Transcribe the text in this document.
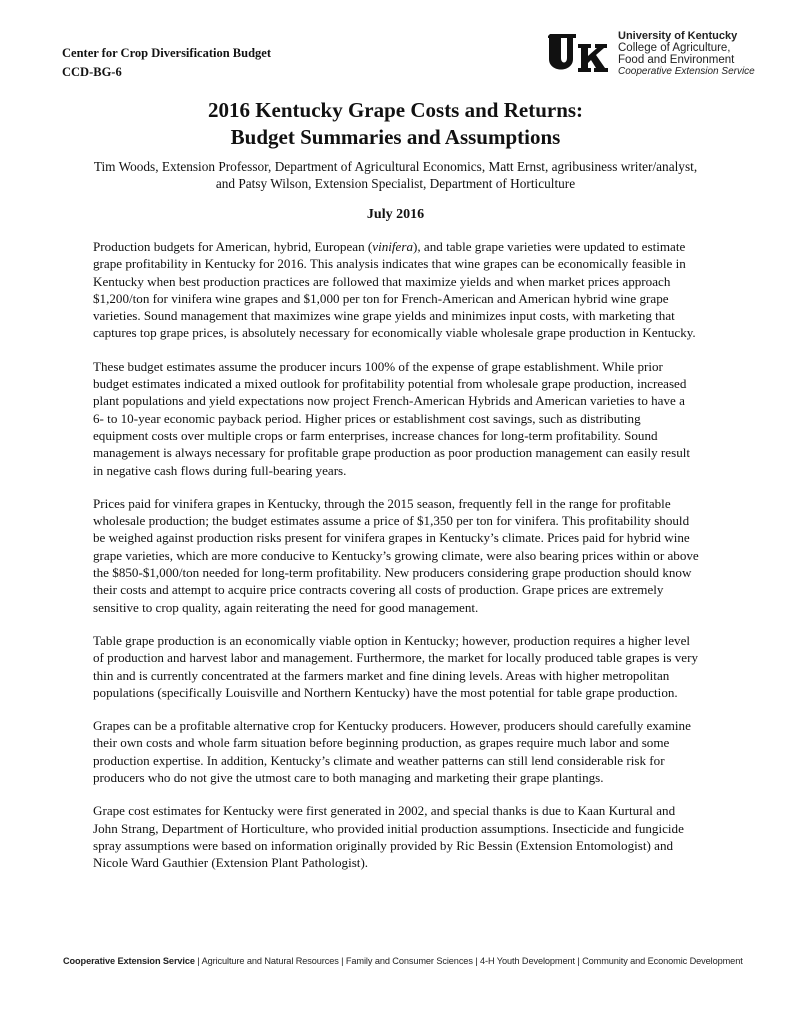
Center for Crop Diversification Budget
CCD-BG-6
University of Kentucky
College of Agriculture,
Food and Environment
Cooperative Extension Service
2016 Kentucky Grape Costs and Returns:
Budget Summaries and Assumptions
Tim Woods, Extension Professor, Department of Agricultural Economics, Matt Ernst, agribusiness writer/analyst, and Patsy Wilson, Extension Specialist, Department of Horticulture
July 2016

Production budgets for American, hybrid, European (vinifera), and table grape varieties were updated to estimate grape profitability in Kentucky for 2016. This analysis indicates that wine grapes can be economically feasible in Kentucky when best production practices are followed that maximize yields and when market prices approach $1,200/ton for vinifera wine grapes and $1,000 per ton for French-American and American hybrid wine grape varieties. Sound management that maximizes wine grape yields and minimizes input costs, with marketing that captures top grape prices, is absolutely necessary for economically viable wholesale grape production in Kentucky.

These budget estimates assume the producer incurs 100% of the expense of grape establishment. While prior budget estimates indicated a mixed outlook for profitability potential from wholesale grape production, increased plant populations and yield expectations now project French-American Hybrids and American varieties to have a 6- to 10-year economic payback period. Higher prices or establishment cost savings, such as distributing equipment costs over multiple crops or farm enterprises, increase chances for long-term profitability. Sound management is always necessary for profitable grape production as poor production management can easily result in negative cash flows during full-bearing years.

Prices paid for vinifera grapes in Kentucky, through the 2015 season, frequently fell in the range for profitable wholesale production; the budget estimates assume a price of $1,350 per ton for vinifera. This profitability should be weighed against production risks present for vinifera grapes in Kentucky’s climate. Prices paid for hybrid wine grape varieties, which are more conducive to Kentucky’s growing climate, were also bearing prices within or above the $850-$1,000/ton needed for long-term profitability. New producers considering grape production should know their costs and attempt to acquire price contracts covering all costs of production. Grape prices are extremely sensitive to crop quality, again reiterating the need for good management.

Table grape production is an economically viable option in Kentucky; however, production requires a higher level of production and harvest labor and management. Furthermore, the market for locally produced table grapes is very thin and is currently concentrated at the farmers market and fine dining levels. Areas with higher metropolitan populations (specifically Louisville and Northern Kentucky) have the most potential for table grape production.

Grapes can be a profitable alternative crop for Kentucky producers. However, producers should carefully examine their own costs and whole farm situation before beginning production, as grapes require much labor and some production expertise. In addition, Kentucky’s climate and weather patterns can still lend considerable risk for producers who do not give the utmost care to both managing and marketing their grape plantings.

Grape cost estimates for Kentucky were first generated in 2002, and special thanks is due to Kaan Kurtural and John Strang, Department of Horticulture, who provided initial production assumptions. Insecticide and fungicide spray assumptions were based on information originally provided by Ric Bessin (Extension Entomologist) and Nicole Ward Gauthier (Extension Plant Pathologist).

Cooperative Extension Service | Agriculture and Natural Resources | Family and Consumer Sciences | 4-H Youth Development | Community and Economic Development
